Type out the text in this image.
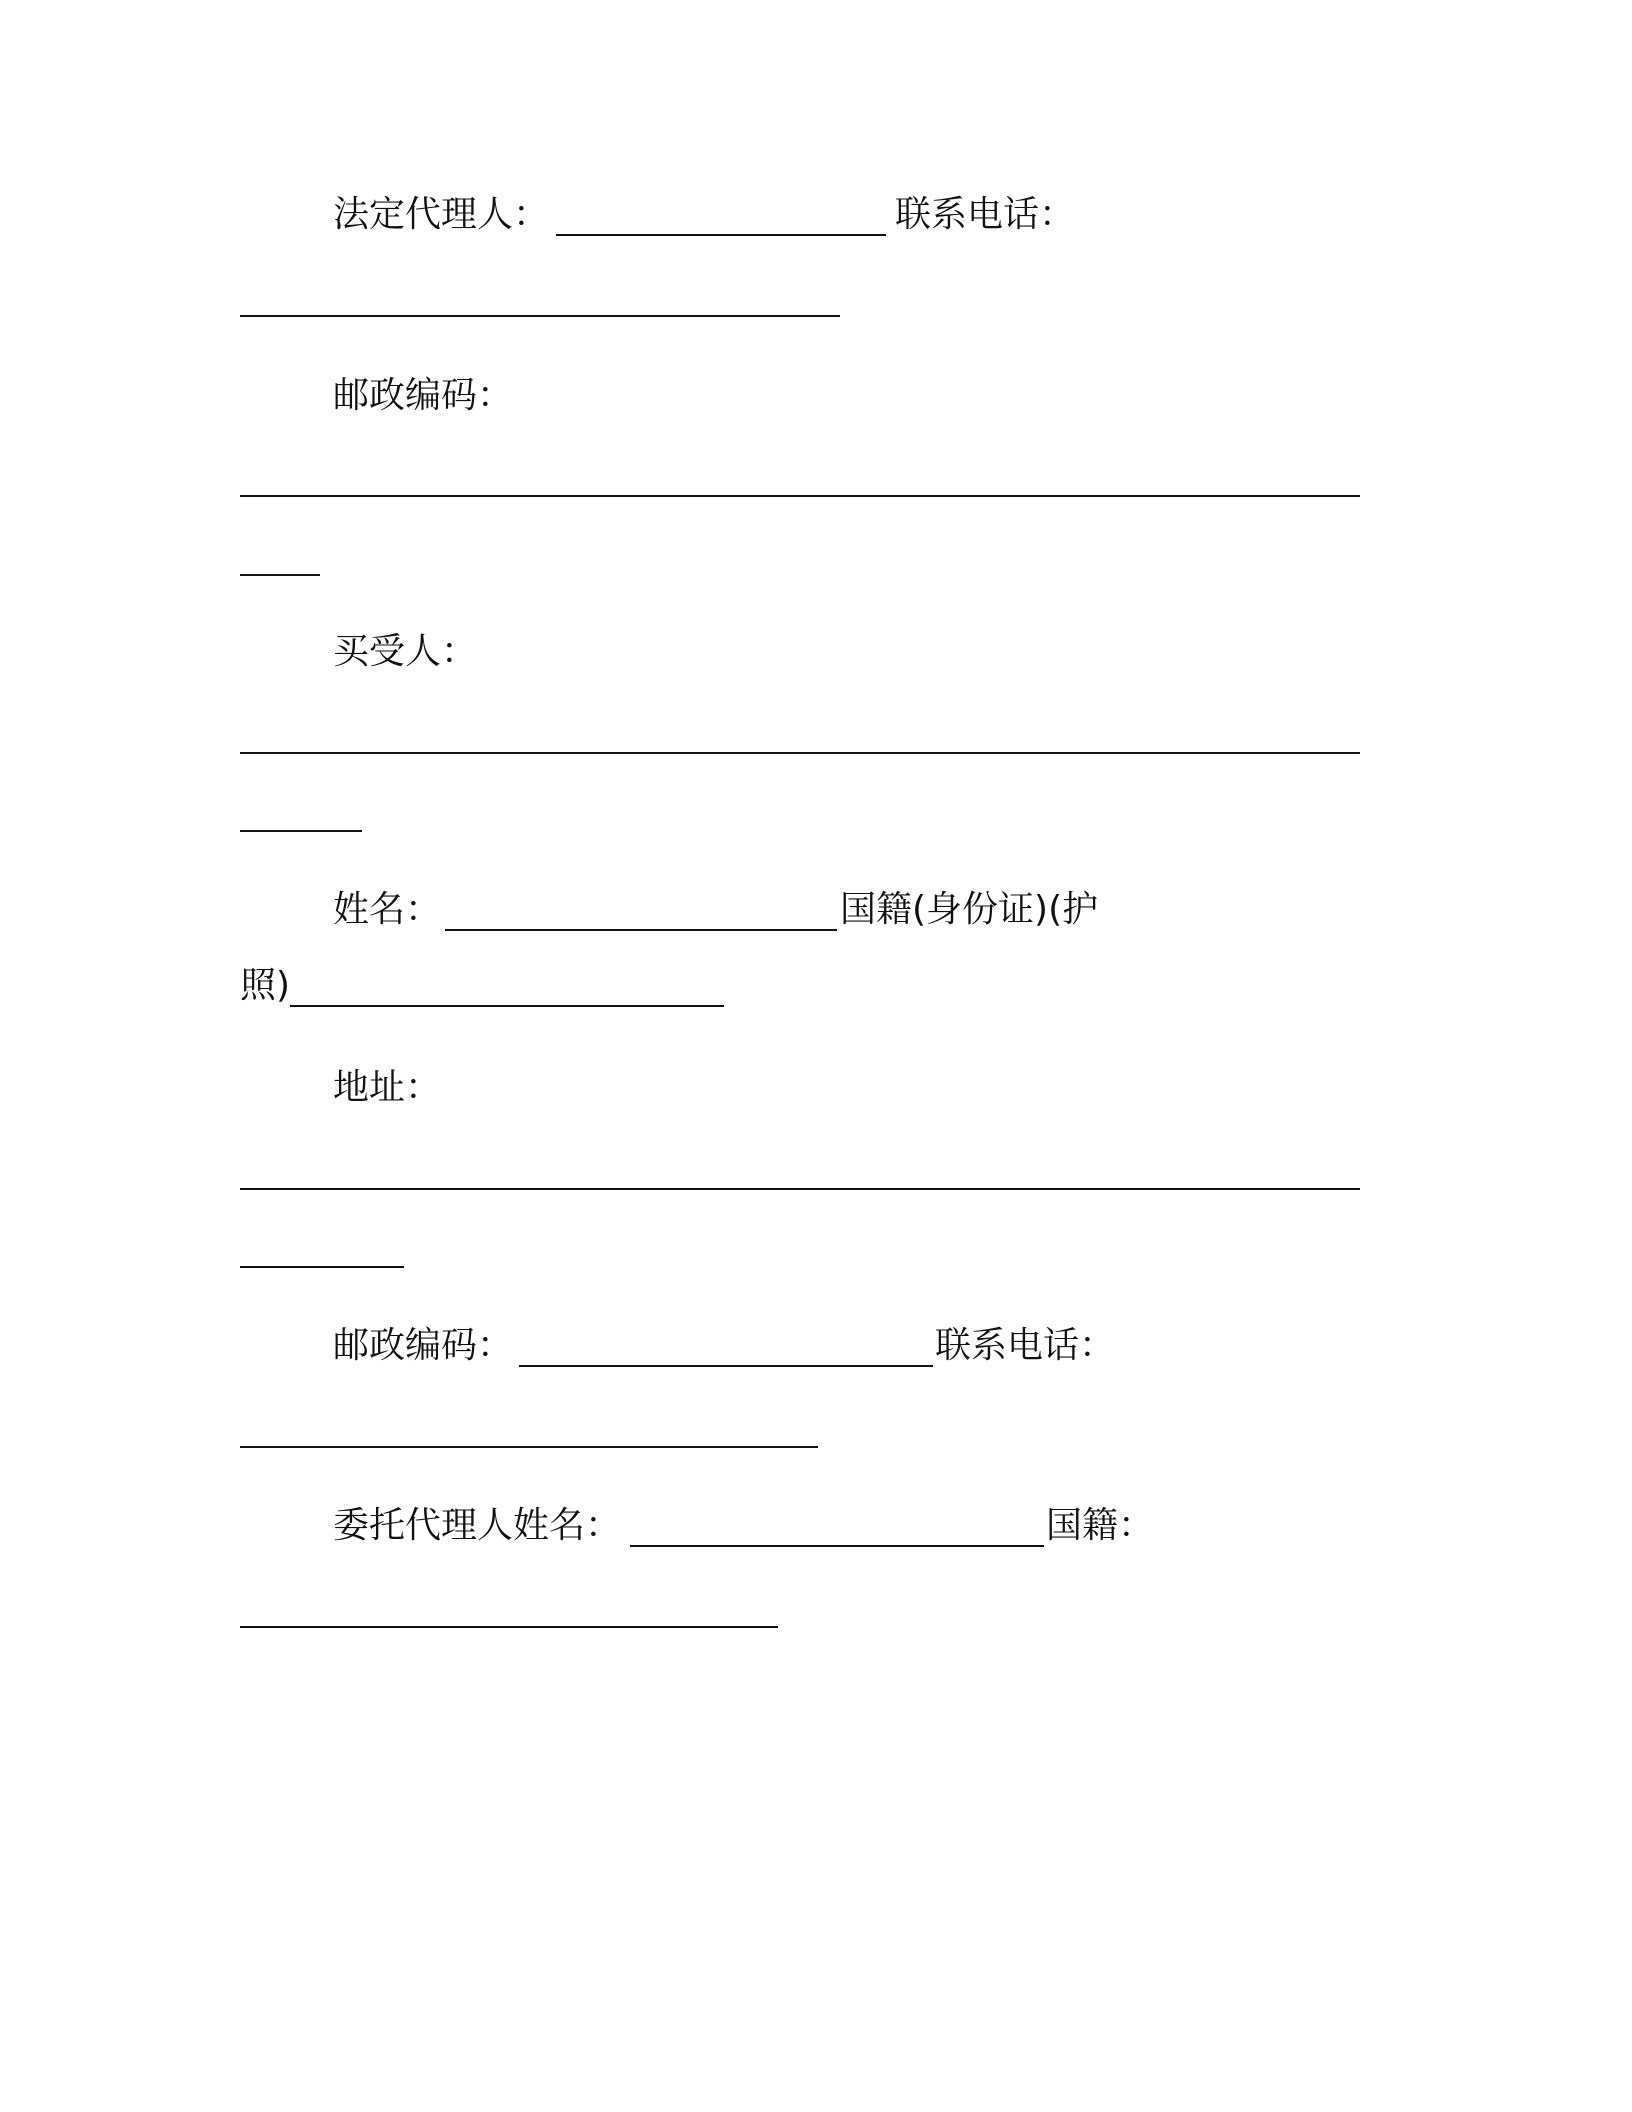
法定代理人：	联系电话：
邮政编码：
买受人：
姓名：	国籍(身份证)(护
照)
地址：
邮政编码：	联系电话：
委托代理人姓名：	国籍：
